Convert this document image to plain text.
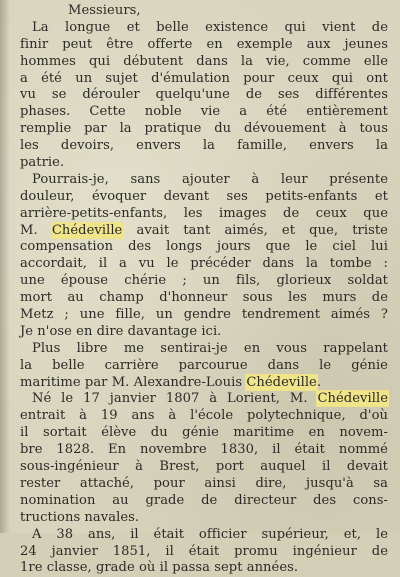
Messieurs,
La longue et belle existence qui vient de
finir peut être offerte en exemple aux jeunes
hommes qui débutent dans la vie, comme elle
a été un sujet d'émulation pour ceux qui ont
vu se dérouler quelqu'une de ses différentes
phases. Cette noble vie a été entièrement
remplie par la pratique du dévouement à tous
les devoirs, envers la famille, envers la
patrie.
Pourrais-je, sans ajouter à leur présente
douleur, évoquer devant ses petits-enfants et
arrière-petits-enfants, les images de ceux que
M. Chédeville avait tant aimés, et que, triste
compensation des longs jours que le ciel lui
accordait, il a vu le précéder dans la tombe :
une épouse chérie ; un fils, glorieux soldat
mort au champ d'honneur sous les murs de
Metz ; une fille, un gendre tendrement aimés ?
Je n'ose en dire davantage ici.
Plus libre me sentirai-je en vous rappelant
la belle carrière parcourue dans le génie
maritime par M. Alexandre-Louis Chédeville.
Né le 17 janvier 1807 à Lorient, M. Chédeville
entrait à 19 ans à l'école polytechnique, d'où
il sortait élève du génie maritime en novem-
bre 1828. En novembre 1830, il était nommé
sous-ingénieur à Brest, port auquel il devait
rester attaché, pour ainsi dire, jusqu'à sa
nomination au grade de directeur des cons-
tructions navales.
A 38 ans, il était officier supérieur, et, le
24 janvier 1851, il était promu ingénieur de
1re classe, grade où il passa sept années.
